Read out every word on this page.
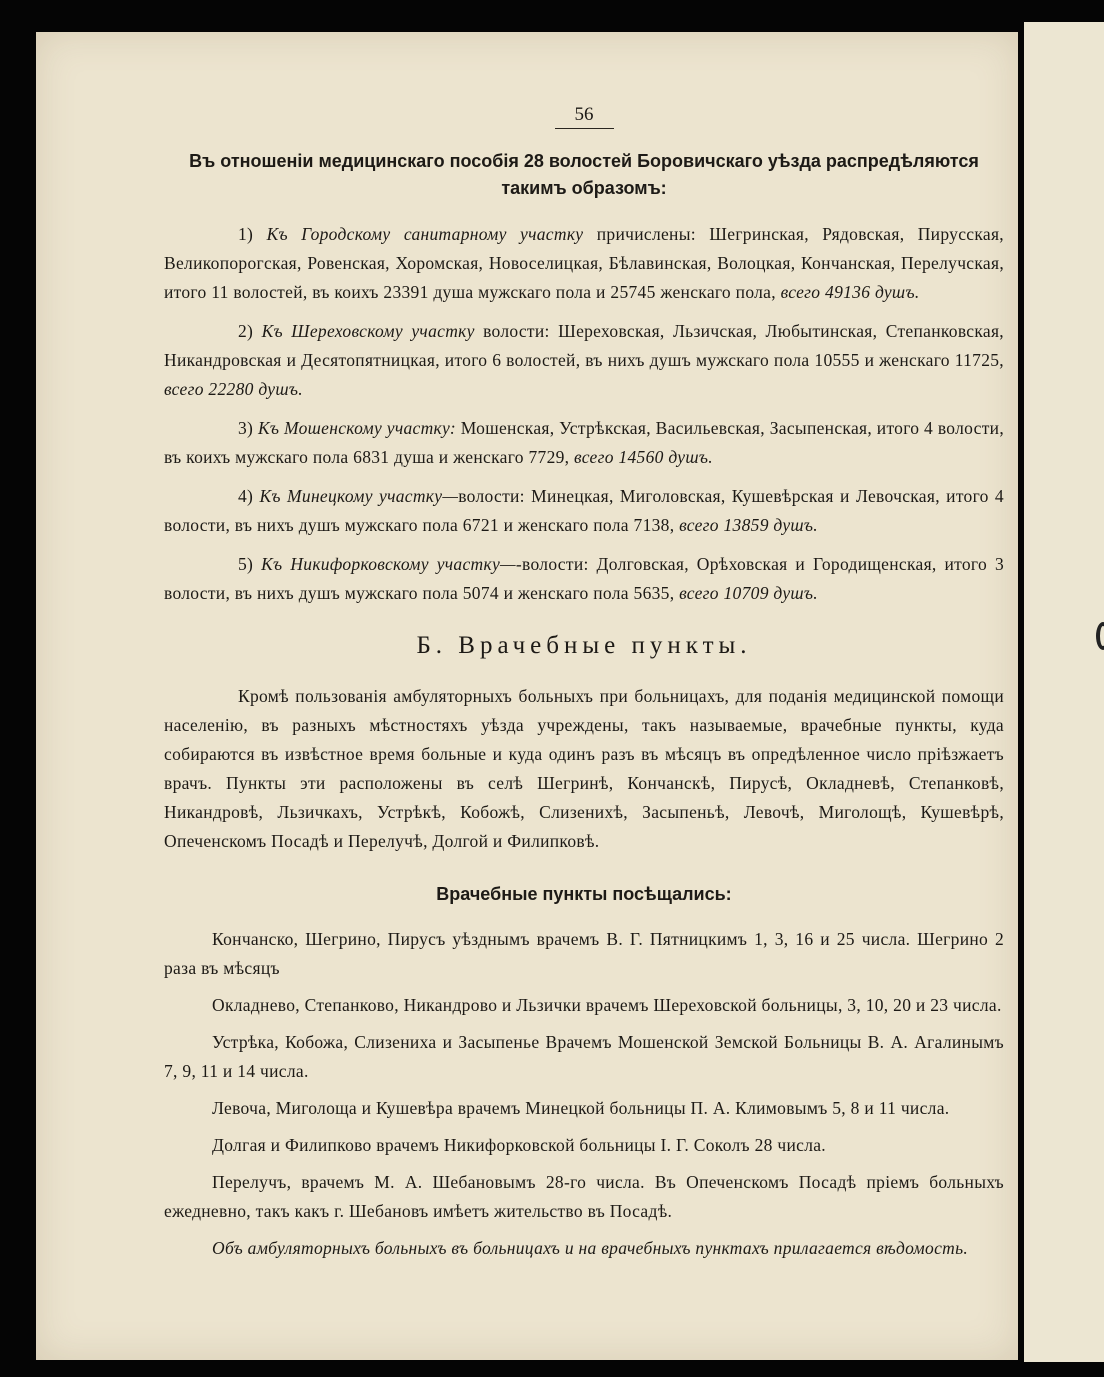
56
Въ отношеніи медицинскаго пособія 28 волостей Боровичскаго уѣзда распредѣляются такимъ образомъ:

1) Къ Городскому санитарному участку причислены: Шегринская, Рядовская, Пирусская, Великопорогская, Ровенская, Хоромская, Новоселицкая, Бѣлавинская, Волоцкая, Кончанская, Перелучская, итого 11 волостей, въ коихъ 23391 душа мужскаго пола и 25745 женскаго пола, всего 49136 душъ.

2) Къ Шереховскому участку волости: Шереховская, Льзичская, Любытинская, Степанковская, Никандровская и Десятопятницкая, итого 6 волостей, въ нихъ душъ мужскаго пола 10555 и женскаго 11725, всего 22280 душъ.

3) Къ Мошенскому участку: Мошенская, Устрѣкская, Васильевская, Засыпенская, итого 4 волости, въ коихъ мужскаго пола 6831 душа и женскаго 7729, всего 14560 душъ.

4) Къ Минецкому участку—волости: Минецкая, Миголовская, Кушевѣрская и Левочская, итого 4 волости, въ нихъ душъ мужскаго пола 6721 и женскаго пола 7138, всего 13859 душъ.

5) Къ Никифорковскому участку—-волости: Долговская, Орѣховская и Городищенская, итого 3 волости, въ нихъ душъ мужскаго пола 5074 и женскаго пола 5635, всего 10709 душъ.

Б. Врачебные пункты.

Кромѣ пользованія амбуляторныхъ больныхъ при больницахъ, для поданія медицинской помощи населенію, въ разныхъ мѣстностяхъ уѣзда учреждены, такъ называемые, врачебные пункты, куда собираются въ извѣстное время больные и куда одинъ разъ въ мѣсяцъ въ опредѣленное число пріѣзжаетъ врачъ. Пункты эти расположены въ селѣ Шегринѣ, Кончанскѣ, Пирусѣ, Окладневѣ, Степанковѣ, Никандровѣ, Льзичкахъ, Устрѣкѣ, Кобожѣ, Слизенихѣ, Засыпеньѣ, Левочѣ, Миголощѣ, Кушевѣрѣ, Опеченскомъ Посадѣ и Перелучѣ, Долгой и Филипковѣ.

Врачебные пункты посѣщались:

Кончанско, Шегрино, Пирусъ уѣзднымъ врачемъ В. Г. Пятницкимъ 1, 3, 16 и 25 числа. Шегрино 2 раза въ мѣсяцъ

Окладнево, Степанково, Никандрово и Льзички врачемъ Шереховской больницы, 3, 10, 20 и 23 числа.

Устрѣка, Кобожа, Слизениха и Засыпенье Врачемъ Мошенской Земской Больницы В. А. Агалинымъ 7, 9, 11 и 14 числа.

Левоча, Миголоща и Кушевѣра врачемъ Минецкой больницы П. А. Климовымъ 5, 8 и 11 числа.

Долгая и Филипково врачемъ Никифорковской больницы І. Г. Соколъ 28 числа.

Перелучъ, врачемъ М. А. Шебановымъ 28-го числа. Въ Опеченскомъ Посадѣ пріемъ больныхъ ежедневно, такъ какъ г. Шебановъ имѣетъ жительство въ Посадѣ.

Объ амбуляторныхъ больныхъ въ больницахъ и на врачебныхъ пунктахъ прилагается вѣдомость.
